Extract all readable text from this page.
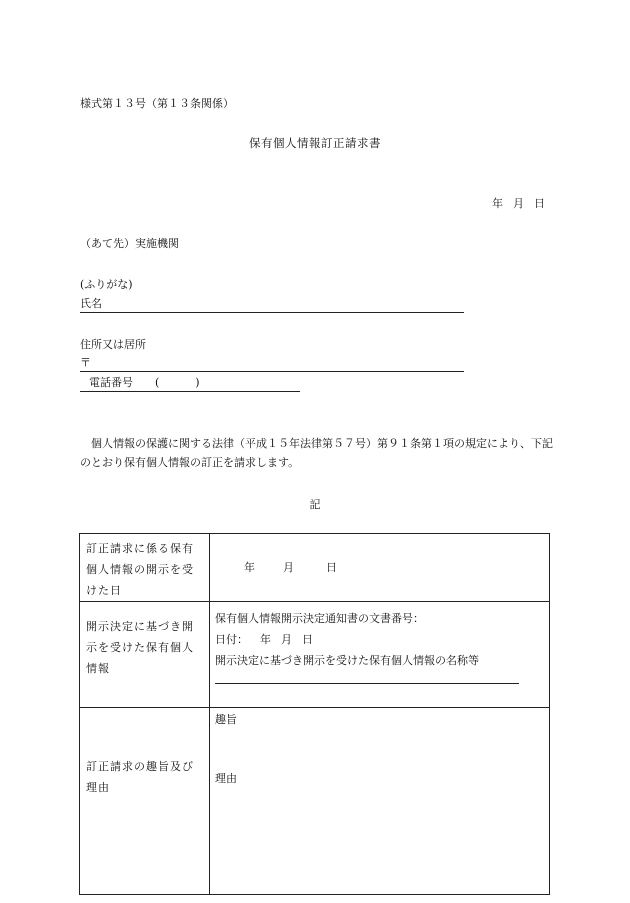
様式第１３号（第１３条関係）
保有個人情報訂正請求書
年 月 日
（あて先）実施機関
(ふりがな)
氏名
住所又は居所
〒
電話番号 (	)
個人情報の保護に関する法律（平成１５年法律第５７号）第９１条第１項の規定により、下記のとおり保有個人情報の訂正を請求します。
記
訂正請求に係る保有個人情報の開示を受けた日	年 月 日

開示決定に基づき開示を受けた保有個人情報	保有個人情報開示決定通知書の文書番号：
日付： 年 月 日
開示決定に基づき開示を受けた保有個人情報の名称等

訂正請求の趣旨及び理由	趣旨
理由
